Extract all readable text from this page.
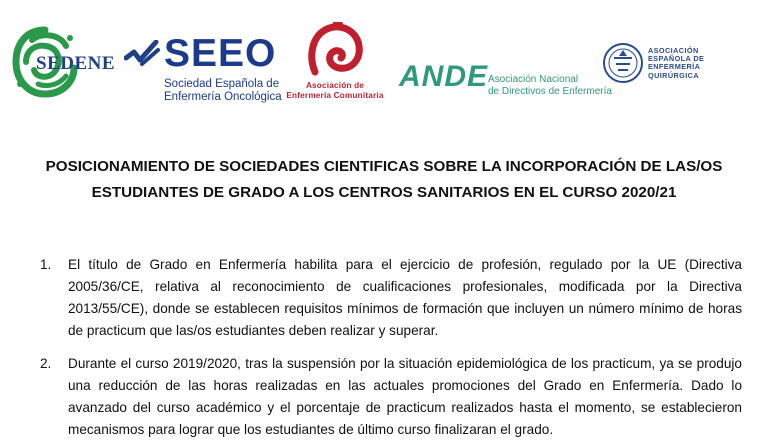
SEDENE SEEO
Sociedad Española de
Enfermería Oncológica
Asociación de
Enfermería Comunitaria
ANDE Asociación Nacional
de Directivos de Enfermería
ASOCIACIÓN
ESPAÑOLA DE
ENFERMERÍA
QUIRÚRGICA
POSICIONAMIENTO DE SOCIEDADES CIENTIFICAS SOBRE LA INCORPORACIÓN DE LAS/OS
ESTUDIANTES DE GRADO A LOS CENTROS SANITARIOS EN EL CURSO 2020/21
1. El título de Grado en Enfermería habilita para el ejercicio de profesión, regulado por la UE (Directiva 2005/36/CE, relativa al reconocimiento de cualificaciones profesionales, modificada por la Directiva 2013/55/CE), donde se establecen requisitos mínimos de formación que incluyen un número mínimo de horas de practicum que las/os estudiantes deben realizar y superar.
2. Durante el curso 2019/2020, tras la suspensión por la situación epidemiológica de los practicum, ya se produjo una reducción de las horas realizadas en las actuales promociones del Grado en Enfermería. Dado lo avanzado del curso académico y el porcentaje de practicum realizados hasta el momento, se establecieron mecanismos para lograr que los estudiantes de último curso finalizaran el grado.
